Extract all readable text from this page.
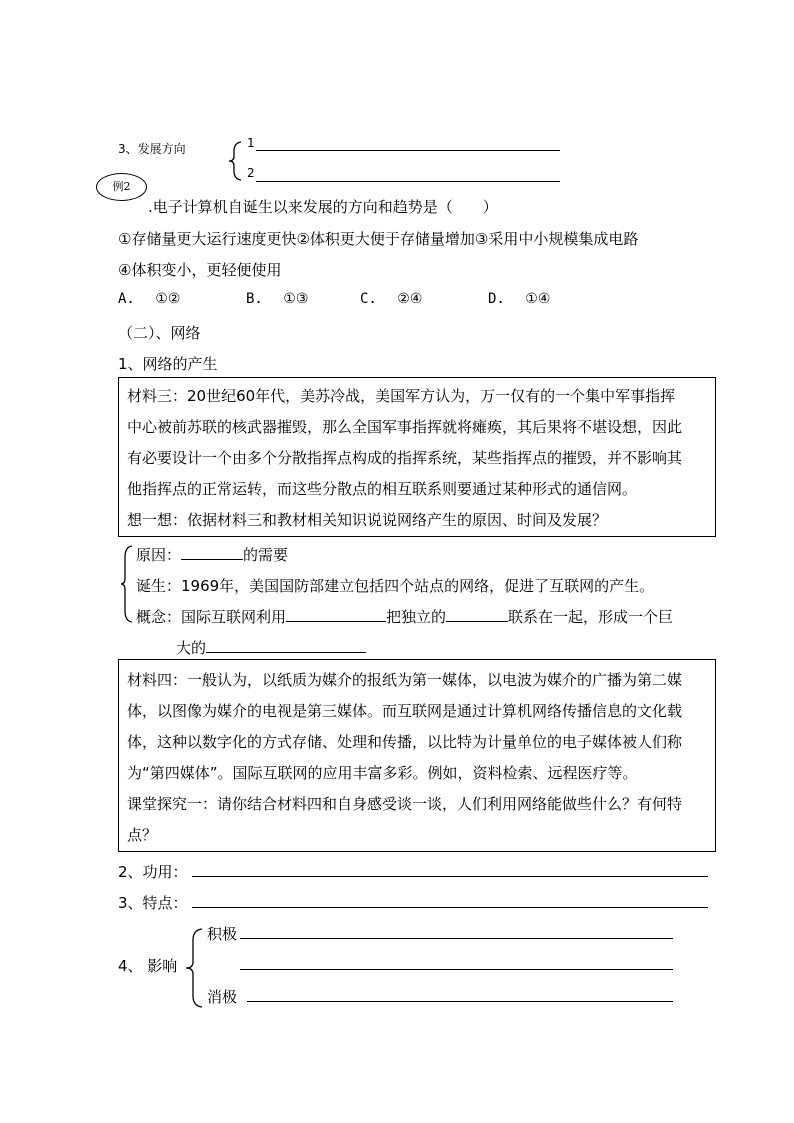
3、发展方向	1
2
例2
.电子计算机自诞生以来发展的方向和趋势是（　　）
①存储量更大运行速度更快②体积更大便于存储量增加③采用中小规模集成电路
④体积变小，更轻便使用
A. ①②	B. ①③	C. ②④	D. ①④
（二）、网络
1、网络的产生
材料三：20世纪60年代，美苏冷战，美国军方认为，万一仅有的一个集中军事指挥
中心被前苏联的核武器摧毁，那么全国军事指挥就将瘫痪，其后果将不堪设想，因此
有必要设计一个由多个分散指挥点构成的指挥系统，某些指挥点的摧毁，并不影响其
他指挥点的正常运转，而这些分散点的相互联系则要通过某种形式的通信网。
想一想：依据材料三和教材相关知识说说网络产生的原因、时间及发展？
原因：	的需要
诞生：1969年，美国国防部建立包括四个站点的网络，促进了互联网的产生。
概念：国际互联网利用	把独立的	联系在一起，形成一个巨
大的
材料四：一般认为，以纸质为媒介的报纸为第一媒体，以电波为媒介的广播为第二媒
体，以图像为媒介的电视是第三媒体。而互联网是通过计算机网络传播信息的文化载
体，这种以数字化的方式存储、处理和传播，以比特为计量单位的电子媒体被人们称
为“第四媒体”。国际互联网的应用丰富多彩。例如，资料检索、远程医疗等。
课堂探究一：请你结合材料四和自身感受谈一谈，人们利用网络能做些什么？有何特
点？
2、功用：
3、特点：
4、 影响
积极
消极
